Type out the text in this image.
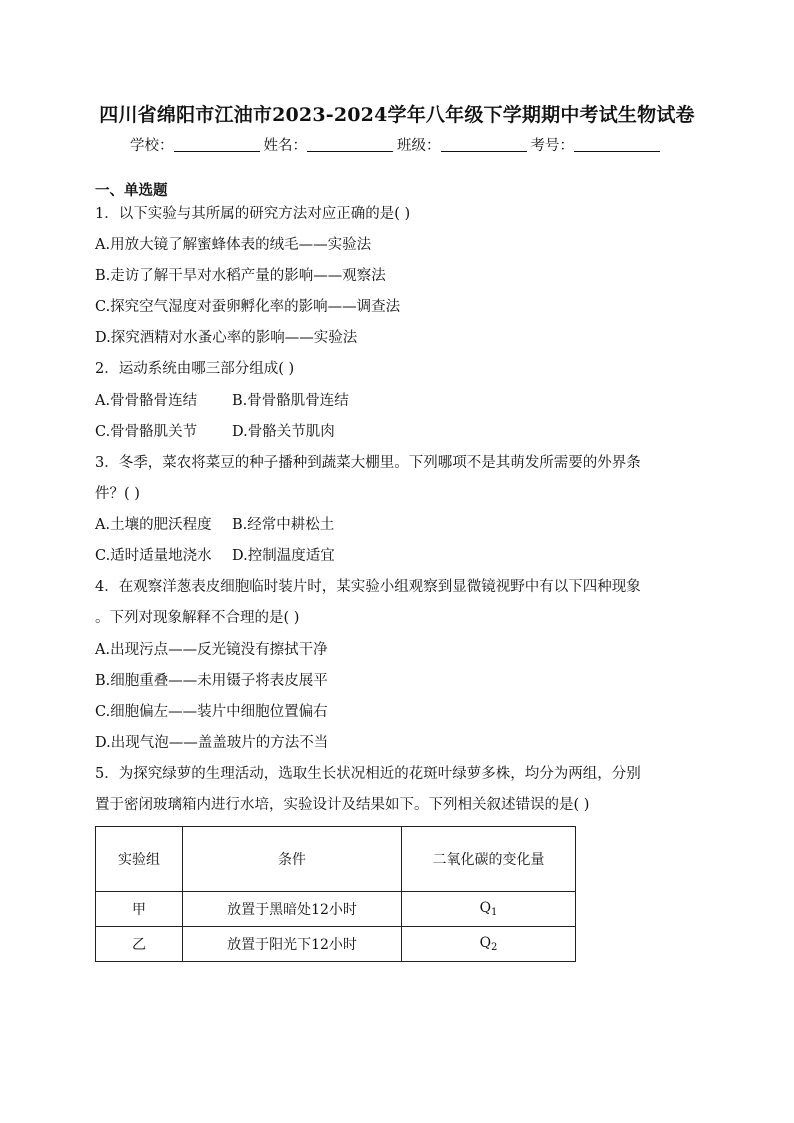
四川省绵阳市江油市2023-2024学年八年级下学期期中考试生物试卷
学校：	姓名：	班级：	考号：
一、单选题
1．以下实验与其所属的研究方法对应正确的是( )
A.用放大镜了解蜜蜂体表的绒毛——实验法
B.走访了解干旱对水稻产量的影响——观察法
C.探究空气湿度对蚕卵孵化率的影响——调查法
D.探究酒精对水蚤心率的影响——实验法
2．运动系统由哪三部分组成( )
A.骨骨骼骨连结 B.骨骨骼肌骨连结
C.骨骨骼肌关节 D.骨骼关节肌肉
3．冬季，菜农将菜豆的种子播种到蔬菜大棚里。下列哪项不是其萌发所需要的外界条
件？( )
A.土壤的肥沃程度 B.经常中耕松土
C.适时适量地浇水 D.控制温度适宜
4．在观察洋葱表皮细胞临时装片时，某实验小组观察到显微镜视野中有以下四种现象
。下列对现象解释不合理的是( )
A.出现污点——反光镜没有擦拭干净
B.细胞重叠——未用镊子将表皮展平
C.细胞偏左——装片中细胞位置偏右
D.出现气泡——盖盖玻片的方法不当
5．为探究绿萝的生理活动，选取生长状况相近的花斑叶绿萝多株，均分为两组，分别
置于密闭玻璃箱内进行水培，实验设计及结果如下。下列相关叙述错误的是( )
实验组	条件	二氧化碳的变化量
甲	放置于黑暗处12小时	$Q_1$
乙	放置于阳光下12小时	$Q_2$
